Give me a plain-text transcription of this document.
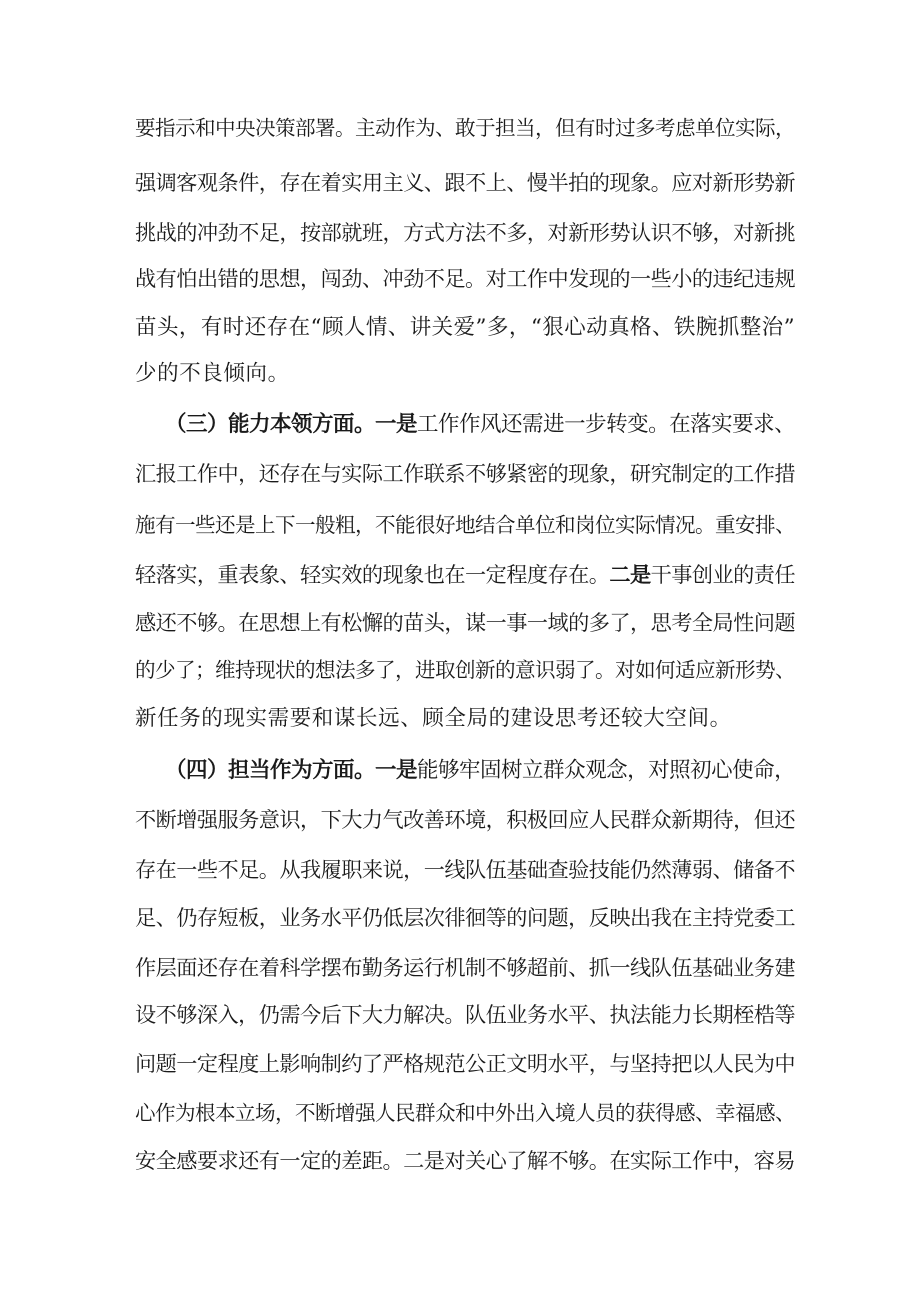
要指示和中央决策部署。主动作为、敢于担当，但有时过多考虑单位实际，
强调客观条件，存在着实用主义、跟不上、慢半拍的现象。应对新形势新
挑战的冲劲不足，按部就班，方式方法不多，对新形势认识不够，对新挑
战有怕出错的思想，闯劲、冲劲不足。对工作中发现的一些小的违纪违规
苗头，有时还存在“顾人情、讲关爱”多，“狠心动真格、铁腕抓整治”
少的不良倾向。
（三）能力本领方面。一是工作作风还需进一步转变。在落实要求、
汇报工作中，还存在与实际工作联系不够紧密的现象，研究制定的工作措
施有一些还是上下一般粗，不能很好地结合单位和岗位实际情况。重安排、
轻落实，重表象、轻实效的现象也在一定程度存在。二是干事创业的责任
感还不够。在思想上有松懈的苗头，谋一事一域的多了，思考全局性问题
的少了；维持现状的想法多了，进取创新的意识弱了。对如何适应新形势、
新任务的现实需要和谋长远、顾全局的建设思考还较大空间。
（四）担当作为方面。一是能够牢固树立群众观念，对照初心使命，
不断增强服务意识，下大力气改善环境，积极回应人民群众新期待，但还
存在一些不足。从我履职来说，一线队伍基础查验技能仍然薄弱、储备不
足、仍存短板，业务水平仍低层次徘徊等的问题，反映出我在主持党委工
作层面还存在着科学摆布勤务运行机制不够超前、抓一线队伍基础业务建
设不够深入，仍需今后下大力解决。队伍业务水平、执法能力长期桎梏等
问题一定程度上影响制约了严格规范公正文明水平，与坚持把以人民为中
心作为根本立场，不断增强人民群众和中外出入境人员的获得感、幸福感、
安全感要求还有一定的差距。二是对关心了解不够。在实际工作中，容易
